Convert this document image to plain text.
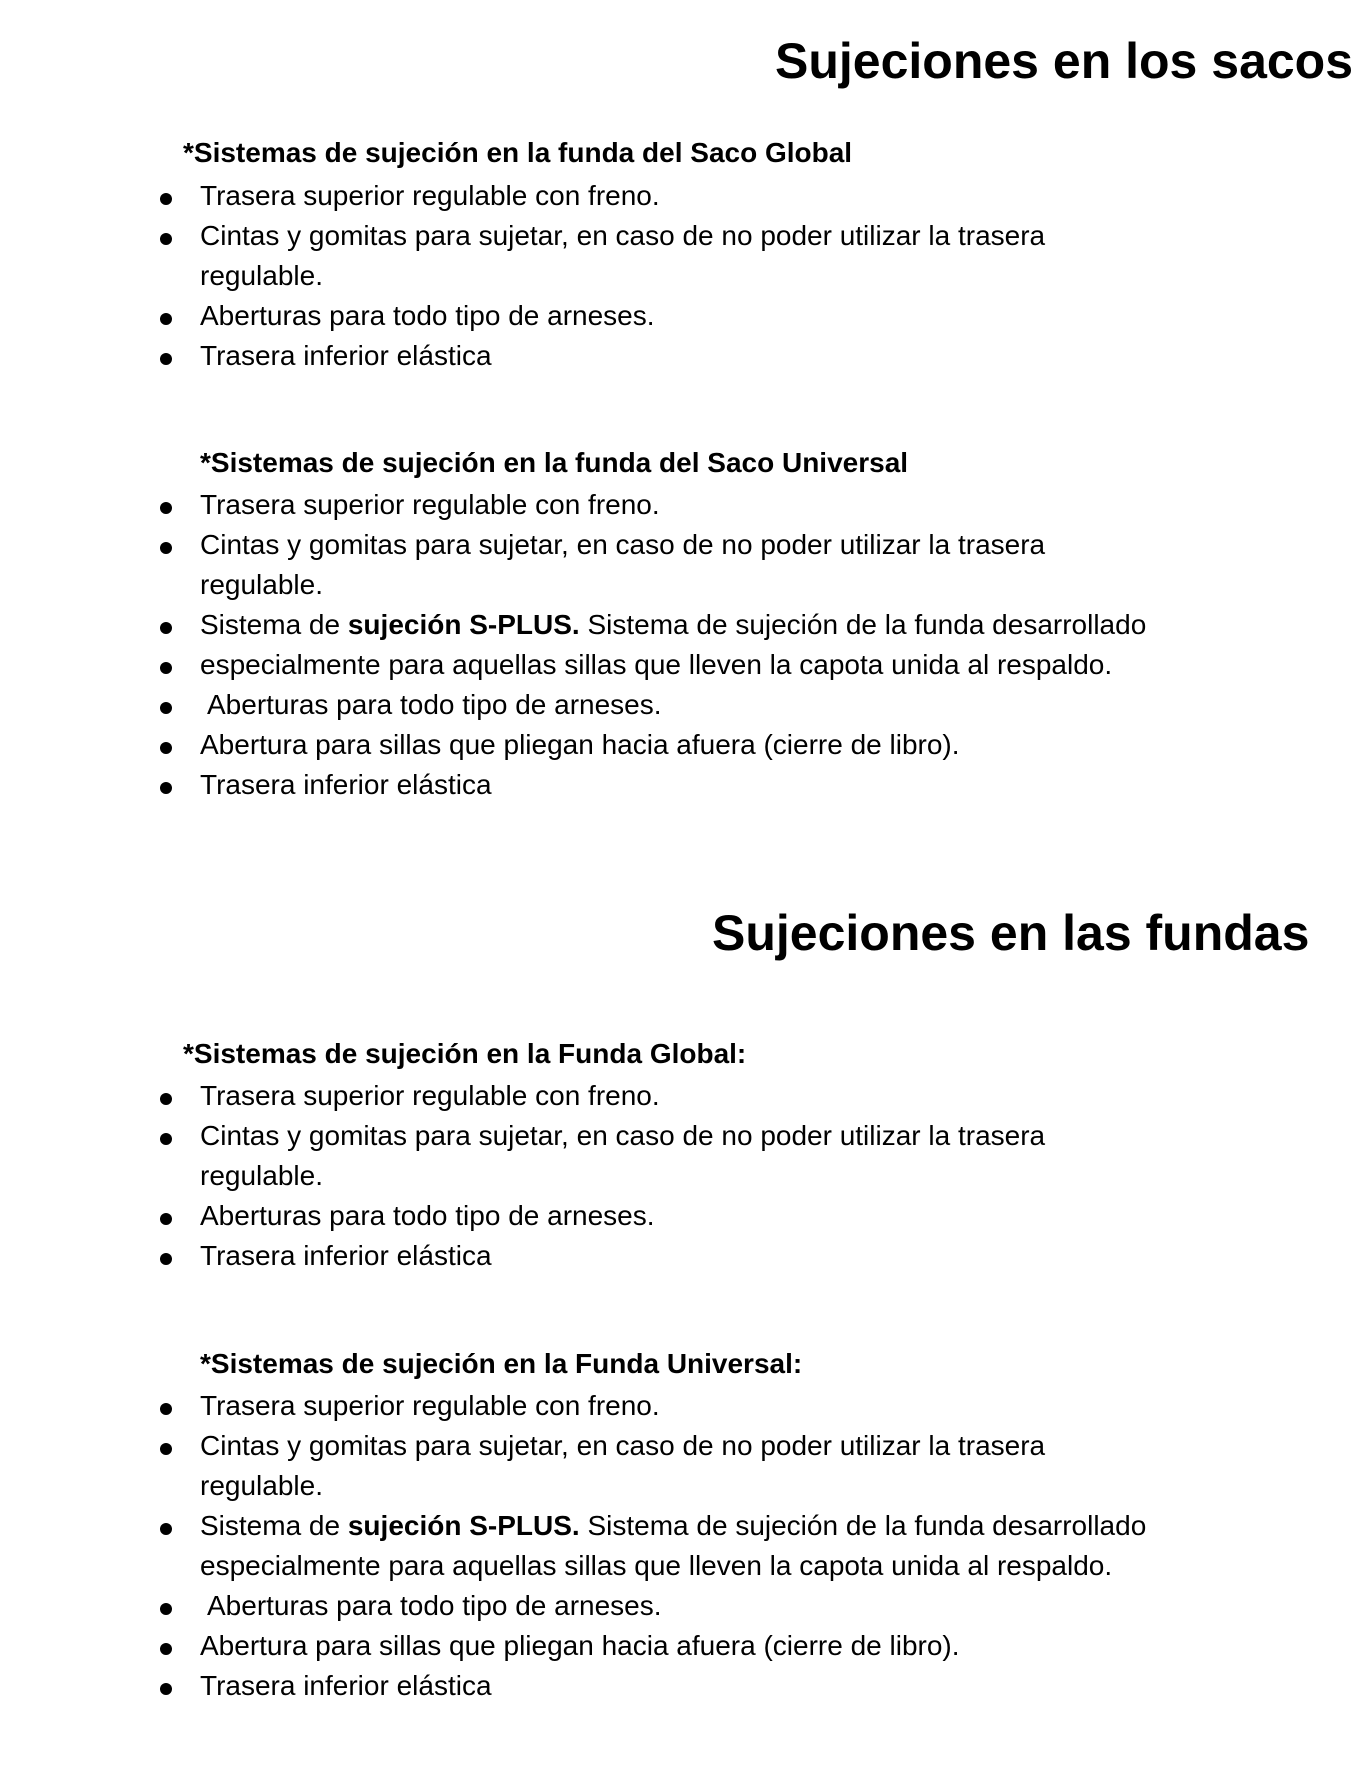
Sujeciones en los sacos
*Sistemas de sujeción en la funda del Saco Global
Trasera superior regulable con freno.
Cintas y gomitas para sujetar, en caso de no poder utilizar la trasera regulable.
Aberturas para todo tipo de arneses.
Trasera inferior elástica
*Sistemas de sujeción en la funda del Saco Universal
Trasera superior regulable con freno.
Cintas y gomitas para sujetar, en caso de no poder utilizar la trasera regulable.
Sistema de sujeción S-PLUS. Sistema de sujeción de la funda desarrollado
especialmente para aquellas sillas que lleven la capota unida al respaldo.
Aberturas para todo tipo de arneses.
Abertura para sillas que pliegan hacia afuera (cierre de libro).
Trasera inferior elástica
Sujeciones en las fundas
*Sistemas de sujeción en la Funda Global:
Trasera superior regulable con freno.
Cintas y gomitas para sujetar, en caso de no poder utilizar la trasera regulable.
Aberturas para todo tipo de arneses.
Trasera inferior elástica
*Sistemas de sujeción en la Funda Universal:
Trasera superior regulable con freno.
Cintas y gomitas para sujetar, en caso de no poder utilizar la trasera regulable.
Sistema de sujeción S-PLUS. Sistema de sujeción de la funda desarrollado especialmente para aquellas sillas que lleven la capota unida al respaldo.
Aberturas para todo tipo de arneses.
Abertura para sillas que pliegan hacia afuera (cierre de libro).
Trasera inferior elástica
